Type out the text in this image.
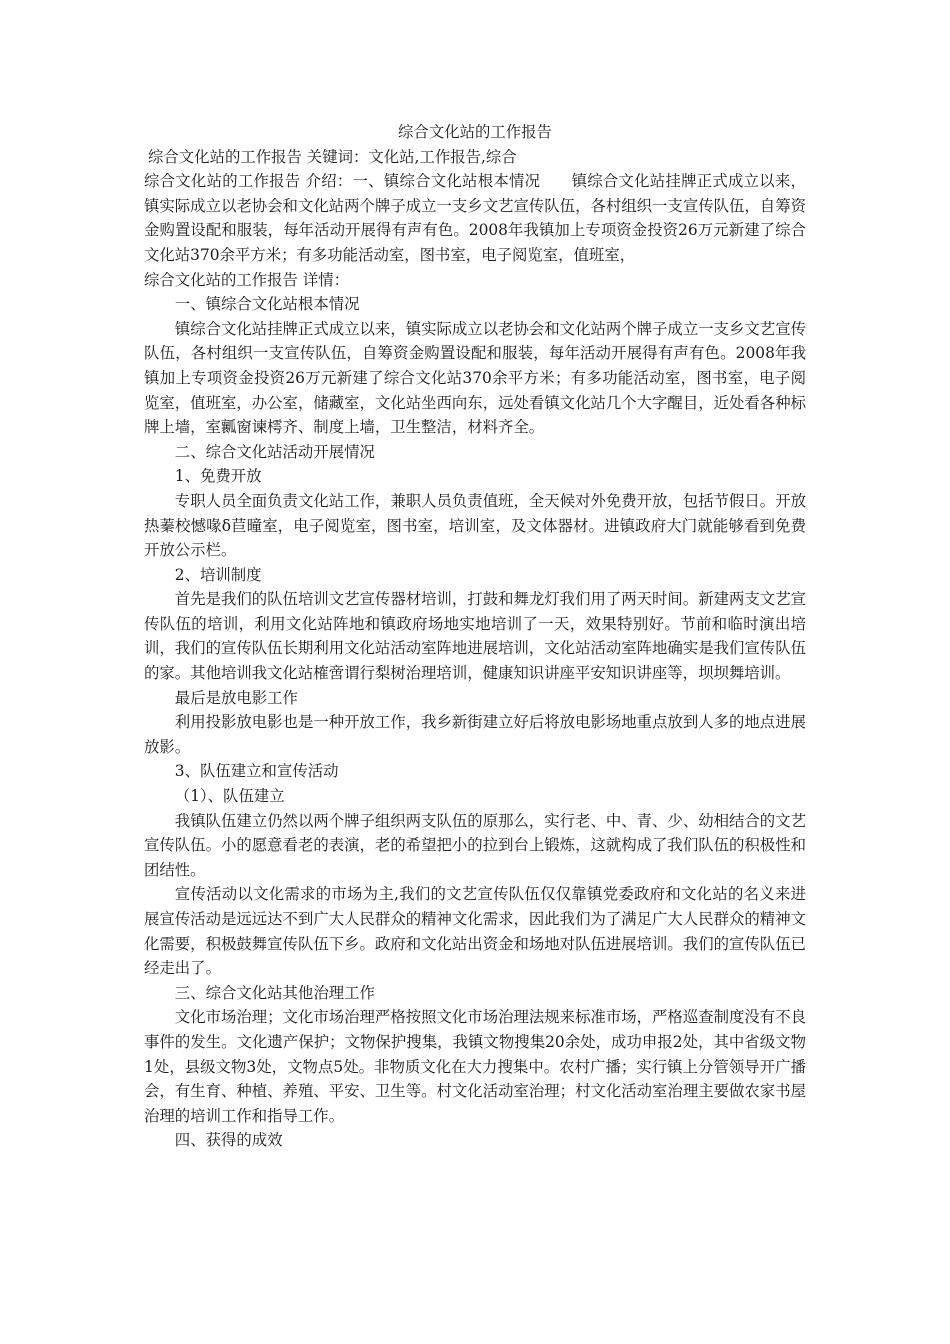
综合文化站的工作报告

综合文化站的工作报告 关键词：文化站,工作报告,综合

综合文化站的工作报告 介绍：一、镇综合文化站根本情况　　镇综合文化站挂牌正式成立以来，镇实际成立以老协会和文化站两个牌子成立一支乡文艺宣传队伍，各村组织一支宣传队伍，自筹资金购置设配和服装，每年活动开展得有声有色。2008年我镇加上专项资金投资26万元新建了综合文化站370余平方米；有多功能活动室，图书室，电子阅览室，值班室，

综合文化站的工作报告 详情：

一、镇综合文化站根本情况

镇综合文化站挂牌正式成立以来，镇实际成立以老协会和文化站两个牌子成立一支乡文艺宣传队伍，各村组织一支宣传队伍，自筹资金购置设配和服装，每年活动开展得有声有色。2008年我镇加上专项资金投资26万元新建了综合文化站370余平方米；有多功能活动室，图书室，电子阅览室，值班室，办公室，储藏室，文化站坐西向东，远处看镇文化站几个大字醒目，近处看各种标牌上墙，室瓤窗谏樗齐、制度上墙，卫生整洁，材料齐全。

二、综合文化站活动开展情况

1、免费开放

专职人员全面负责文化站工作，兼职人员负责值班，全天候对外免费开放，包括节假日。开放热蓁校憾喙δ苣曈室，电子阅览室，图书室，培训室，及文体器材。进镇政府大门就能够看到免费开放公示栏。

2、培训制度

首先是我们的队伍培训文艺宣传器材培训，打鼓和舞龙灯我们用了两天时间。新建两支文艺宣传队伍的培训，利用文化站阵地和镇政府场地实地培训了一天，效果特别好。节前和临时演出培训，我们的宣传队伍长期利用文化站活动室阵地进展培训，文化站活动室阵地确实是我们宣传队伍的家。其他培训我文化站榷啻谓行梨树治理培训，健康知识讲座平安知识讲座等，坝坝舞培训。

最后是放电影工作

利用投影放电影也是一种开放工作，我乡新街建立好后将放电影场地重点放到人多的地点进展放影。

3、队伍建立和宣传活动

（1）、队伍建立

我镇队伍建立仍然以两个牌子组织两支队伍的原那么，实行老、中、青、少、幼相结合的文艺宣传队伍。小的愿意看老的表演，老的希望把小的拉到台上锻炼，这就构成了我们队伍的积极性和团结性。

宣传活动以文化需求的市场为主,我们的文艺宣传队伍仅仅靠镇党委政府和文化站的名义来进展宣传活动是远远达不到广大人民群众的精神文化需求，因此我们为了满足广大人民群众的精神文化需要，积极鼓舞宣传队伍下乡。政府和文化站出资金和场地对队伍进展培训。我们的宣传队伍已经走出了。

三、综合文化站其他治理工作

文化市场治理；文化市场治理严格按照文化市场治理法规来标准市场，严格巡查制度没有不良事件的发生。文化遗产保护；文物保护搜集，我镇文物搜集20余处，成功申报2处，其中省级文物1处，县级文物3处，文物点5处。非物质文化在大力搜集中。农村广播；实行镇上分管领导开广播会，有生育、种植、养殖、平安、卫生等。村文化活动室治理；村文化活动室治理主要做农家书屋治理的培训工作和指导工作。

四、获得的成效
